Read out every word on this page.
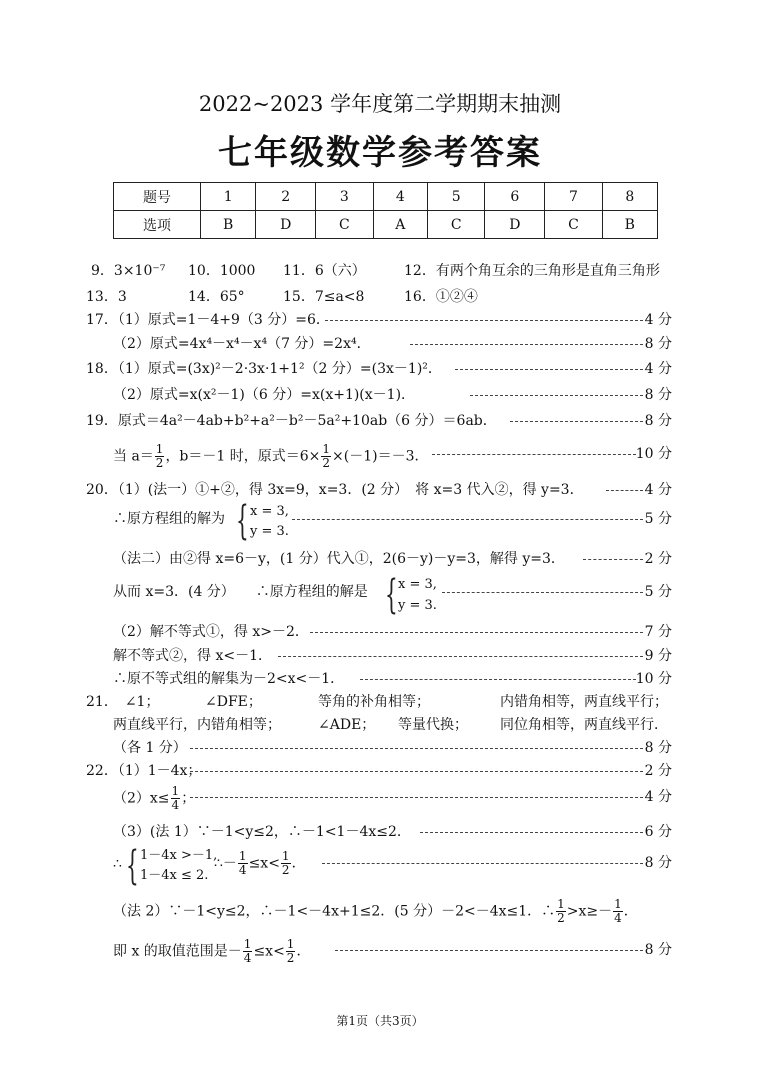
2022~2023 学年度第二学期期末抽测
七年级数学参考答案
题号	1	2	3	4	5	6	7	8
选项	B	D	C	A	C	D	C	B
9．3×10⁻⁷ 10．1000 11．6（六）	12．有两个角互余的三角形是直角三角形
13．3	14．65°	15．7≤a<8	16．①②④
17．（1）原式=1－4+9（3 分）=6．	4 分
（2）原式=4x⁴－x⁴－x⁴（7 分）=2x⁴．	8 分
18．（1）原式=(3x)²－2·3x·1+1²（2 分）=(3x－1)²．	4 分
（2）原式=x(x²－1)（6 分）=x(x+1)(x－1)．	8 分
19．原式＝4a²－4ab+b²+a²－b²－5a²+10ab（6 分）＝6ab．	8 分
当 $a= \frac{1}{2}$ ，b＝－1 时，原式$=6\times \frac{1}{2} \times(-1)=-3$．	10 分
20．（1）(法一）①+②，得 3x=9，x=3．(2 分）　将 x=3 代入②，得 y=3．	4 分
∴原方程组的解为 { x = 3,
y = 3.
5 分
（法二）由②得 x=6－y，(1 分）代入①，2(6－y)－y=3，解得 y=3．	2 分
从而 x=3．(4 分）　　∴原方程组的解是 { x = 3,
y = 3.
5 分
（2）解不等式①，得 x>－2．	7 分
解不等式②，得 x<－1．	9 分
∴原不等式组的解集为－2<x<－1．	10 分
21．　∠1；	∠DFE；	等角的补角相等；	内错角相等，两直线平行；
两直线平行，内错角相等；	∠ADE； 等量代换； 同位角相等，两直线平行．
（各 1 分）	8 分
22．（1）1－4x；	2 分
$(2)x\le \frac{1}{4}$ ；	4 分
（3）(法 1）∵－1<y≤2，∴－1<1－4x≤2．	6 分
∴ { 1－4x >－1,
1－4x ≤ 2.
∴－ $\frac{1}{4} \le x< \frac{1}{2}$ ．	8 分
（法 2）∵－1<y≤2，∴－1<－4x+1≤2．(5 分）－2<－4x≤1．∴ $\frac{1}{2} >x\ge- \frac{1}{4}$ ．
即 x 的取值范围是－ $\frac{1}{4} \le x< \frac{1}{2}$ ．	8 分
第1页（共3页）
